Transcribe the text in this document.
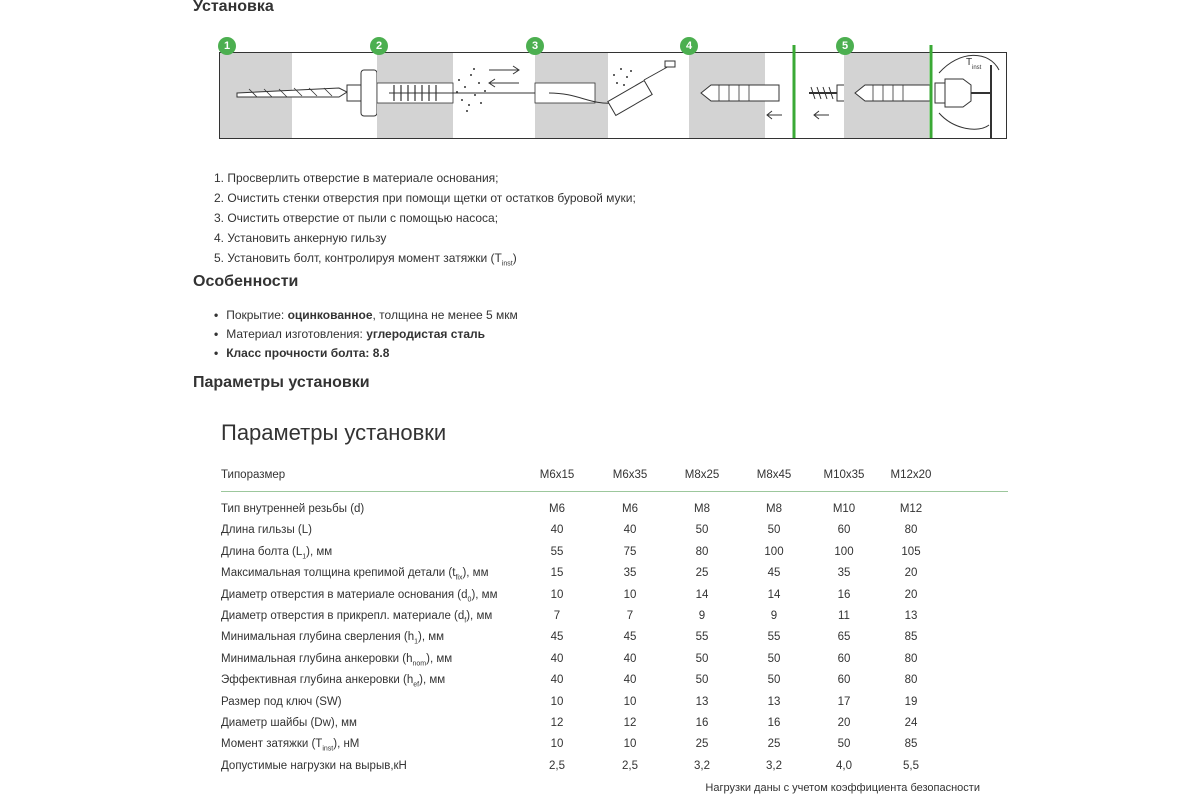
Установка
T inst
1	2	3	4	5
1. Просверлить отверстие в материале основания;
2. Очистить стенки отверстия при помощи щетки от остатков буровой муки;
3. Очистить отверстие от пыли с помощью насоса;
4. Установить анкерную гильзу
5. Установить болт, контролируя момент затяжки $(T_{inst})$
Особенности
• Покрытие: оцинкованное, толщина не менее 5 мкм
• Материал изготовления: углеродистая сталь
• Класс прочности болта: 8.8
Параметры установки
Параметры установки
Типоразмер	M6x15	M6x35	M8x25	M8x45	M10x35	M12x20
Тип внутренней резьбы (d)	M6	M6	M8	M8	M10	M12
Длина гильзы (L)	40	40	50	50	60	80
Длина болта $(L_1)$, мм	55	75	80	100	100	105
Максимальная толщина крепимой детали $(t_{fix})$, мм	15	35	25	45	35	20
Диаметр отверстия в материале основания $(d_0)$, мм	10	10	14	14	16	20
Диаметр отверстия в прикрепл. материале $(d_f)$, мм	7	7	9	9	11	13
Минимальная глубина сверления $(h_1)$, мм	45	45	55	55	65	85
Минимальная глубина анкеровки $(h_{nom})$, мм	40	40	50	50	60	80
Эффективная глубина анкеровки $(h_{ef})$, мм	40	40	50	50	60	80
Размер под ключ (SW)	10	10	13	13	17	19
Диаметр шайбы (Dw), мм	12	12	16	16	20	24
Момент затяжки $(T_{inst})$, нМ	10	10	25	25	50	85
Допустимые нагрузки на вырыв,кН	2,5	2,5	3,2	3,2	4,0	5,5
Нагрузки даны с учетом коэффициента безопасности
